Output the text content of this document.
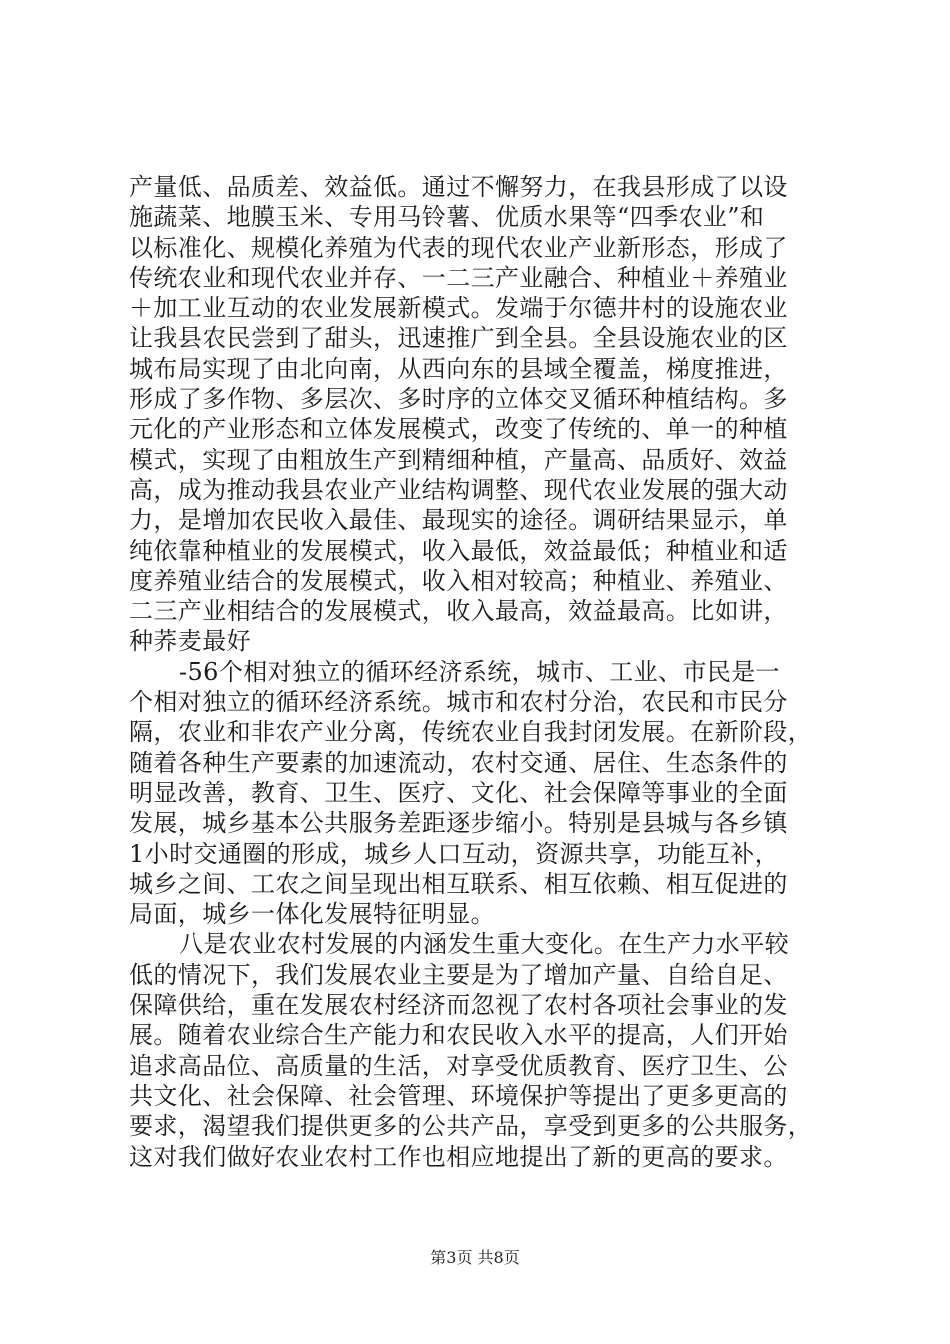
产量低、品质差、效益低。通过不懈努力，在我县形成了以设
施蔬菜、地膜玉米、专用马铃薯、优质水果等“四季农业”和
以标准化、规模化养殖为代表的现代农业产业新形态，形成了
传统农业和现代农业并存、一二三产业融合、种植业＋养殖业
＋加工业互动的农业发展新模式。发端于尔德井村的设施农业
让我县农民尝到了甜头，迅速推广到全县。全县设施农业的区
城布局实现了由北向南，从西向东的县域全覆盖，梯度推进，
形成了多作物、多层次、多时序的立体交叉循环种植结构。多
元化的产业形态和立体发展模式，改变了传统的、单一的种植
模式，实现了由粗放生产到精细种植，产量高、品质好、效益
高，成为推动我县农业产业结构调整、现代农业发展的强大动
力，是增加农民收入最佳、最现实的途径。调研结果显示，单
纯依靠种植业的发展模式，收入最低，效益最低；种植业和适
度养殖业结合的发展模式，收入相对较高；种植业、养殖业、
二三产业相结合的发展模式，收入最高，效益最高。比如讲，
种荞麦最好
-56个相对独立的循环经济系统，城市、工业、市民是一
个相对独立的循环经济系统。城市和农村分治，农民和市民分
隔，农业和非农产业分离，传统农业自我封闭发展。在新阶段，
随着各种生产要素的加速流动，农村交通、居住、生态条件的
明显改善，教育、卫生、医疗、文化、社会保障等事业的全面
发展，城乡基本公共服务差距逐步缩小。特别是县城与各乡镇
1小时交通圈的形成，城乡人口互动，资源共享，功能互补，
城乡之间、工农之间呈现出相互联系、相互依赖、相互促进的
局面，城乡一体化发展特征明显。
八是农业农村发展的内涵发生重大变化。在生产力水平较
低的情况下，我们发展农业主要是为了增加产量、自给自足、
保障供给，重在发展农村经济而忽视了农村各项社会事业的发
展。随着农业综合生产能力和农民收入水平的提高，人们开始
追求高品位、高质量的生活，对享受优质教育、医疗卫生、公
共文化、社会保障、社会管理、环境保护等提出了更多更高的
要求，渴望我们提供更多的公共产品，享受到更多的公共服务，
这对我们做好农业农村工作也相应地提出了新的更高的要求。
第3页 共8页
